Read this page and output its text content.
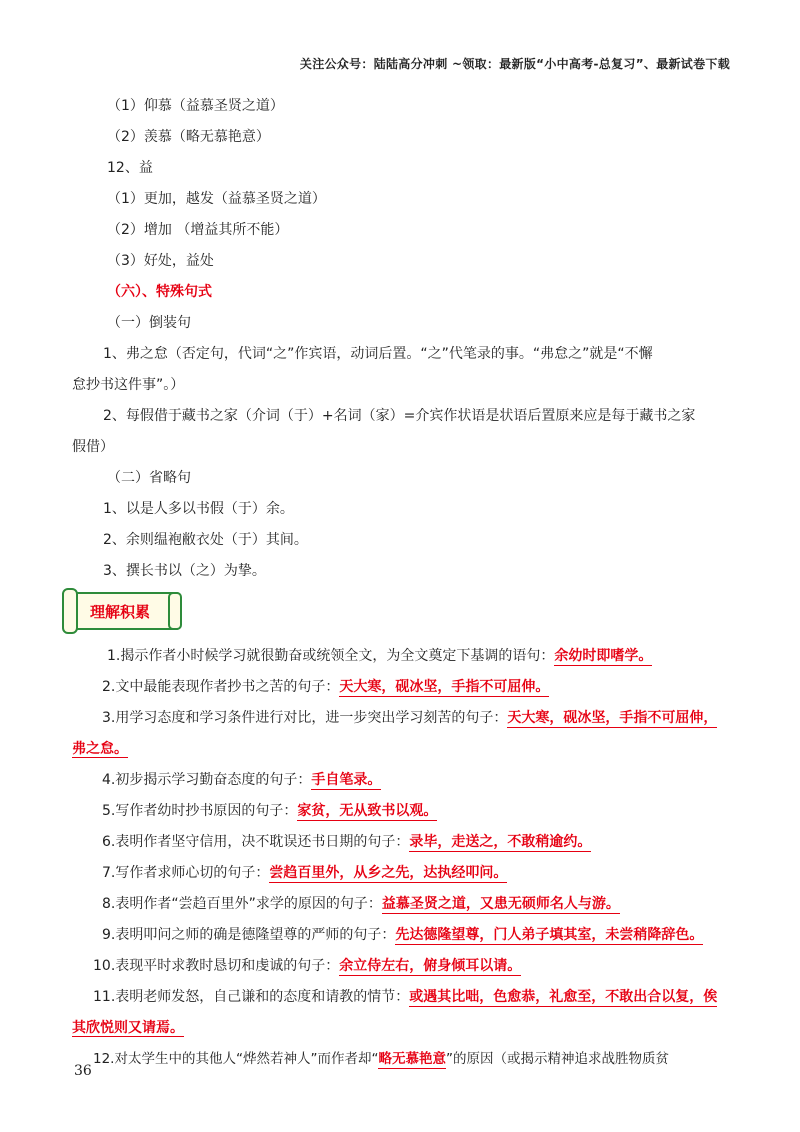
关注公众号：陆陆高分冲刺 ~领取：最新版“小中高考-总复习”、最新试卷下载
（1）仰慕（益慕圣贤之道）
（2）羡慕（略无慕艳意）
12、益
（1）更加，越发（益慕圣贤之道）
（2）增加 （增益其所不能）
（3）好处，益处
（六）、特殊句式
（一）倒装句
1、弗之怠（否定句，代词“之”作宾语，动词后置。“之”代笔录的事。“弗怠之”就是“不懈
怠抄书这件事”。）
2、每假借于藏书之家（介词（于）+名词（家）=介宾作状语是状语后置原来应是每于藏书之家
假借）
（二）省略句
1、以是人多以书假（于）余。
2、余则缊袍敝衣处（于）其间。
3、撰长书以（之）为挚。
理解积累
1.揭示作者小时候学习就很勤奋或统领全文，为全文奠定下基调的语句：余幼时即嗜学。
2.文中最能表现作者抄书之苦的句子：天大寒，砚冰坚，手指不可屈伸。
3.用学习态度和学习条件进行对比，进一步突出学习刻苦的句子：天大寒，砚冰坚，手指不可屈伸，
弗之怠。
4.初步揭示学习勤奋态度的句子：手自笔录。
5.写作者幼时抄书原因的句子：家贫，无从致书以观。
6.表明作者坚守信用，决不耽误还书日期的句子：录毕，走送之，不敢稍逾约。
7.写作者求师心切的句子：尝趋百里外，从乡之先，达执经叩问。
8.表明作者“尝趋百里外”求学的原因的句子：益慕圣贤之道，又患无硕师名人与游。
9.表明叩问之师的确是德隆望尊的严师的句子：先达德隆望尊，门人弟子填其室，未尝稍降辞色。
10.表现平时求教时恳切和虔诚的句子：余立侍左右，俯身倾耳以请。
11.表明老师发怒，自己谦和的态度和请教的情节：或遇其比咄，色愈恭，礼愈至，不敢出合以复，俟
其欣悦则又请焉。
12.对太学生中的其他人“烨然若神人”而作者却“略无慕艳意”的原因（或揭示精神追求战胜物质贫
36
